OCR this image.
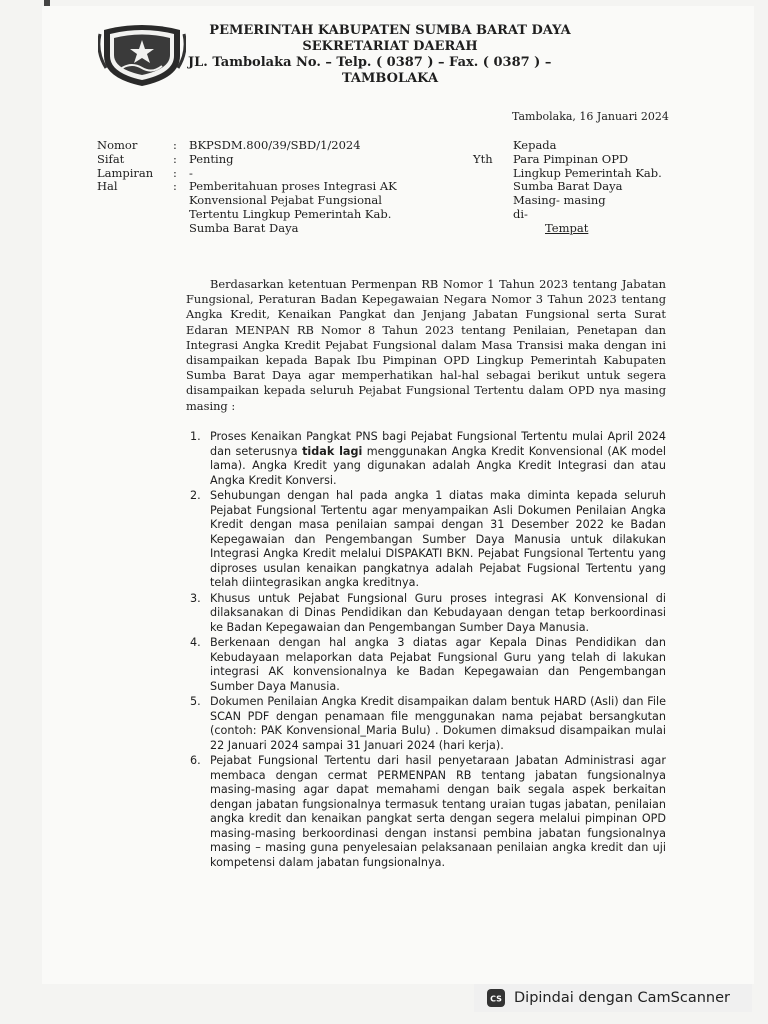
PEMERINTAH KABUPATEN SUMBA BARAT DAYA
SEKRETARIAT DAERAH
JL. Tambolaka No. – Telp. ( 0387 ) – Fax. ( 0387 ) –
TAMBOLAKA
Tambolaka, 16 Januari 2024
Nomor	:	BKPSDM.800/39/SBD/1/2024
Sifat	:	Penting
Lampiran	:	-
Hal	:	Pemberitahuan proses Integrasi AK Konvensional Pejabat Fungsional Tertentu Lingkup Pemerintah Kab. Sumba Barat Daya
Yth
Kepada
Para Pimpinan OPD
Lingkup Pemerintah Kab.
Sumba Barat Daya
Masing- masing
di-
Tempat
Berdasarkan ketentuan Permenpan RB Nomor 1 Tahun 2023 tentang Jabatan Fungsional, Peraturan Badan Kepegawaian Negara Nomor 3 Tahun 2023 tentang Angka Kredit, Kenaikan Pangkat dan Jenjang Jabatan Fungsional serta Surat Edaran MENPAN RB Nomor 8 Tahun 2023 tentang Penilaian, Penetapan dan Integrasi Angka Kredit Pejabat Fungsional dalam Masa Transisi maka dengan ini disampaikan kepada Bapak Ibu Pimpinan OPD Lingkup Pemerintah Kabupaten Sumba Barat Daya agar memperhatikan hal-hal sebagai berikut untuk segera disampaikan kepada seluruh Pejabat Fungsional Tertentu dalam OPD nya masing masing :
1. Proses Kenaikan Pangkat PNS bagi Pejabat Fungsional Tertentu mulai April 2024 dan seterusnya tidak lagi menggunakan Angka Kredit Konvensional (AK model lama). Angka Kredit yang digunakan adalah Angka Kredit Integrasi dan atau Angka Kredit Konversi.
2. Sehubungan dengan hal pada angka 1 diatas maka diminta kepada seluruh Pejabat Fungsional Tertentu agar menyampaikan Asli Dokumen Penilaian Angka Kredit dengan masa penilaian sampai dengan 31 Desember 2022 ke Badan Kepegawaian dan Pengembangan Sumber Daya Manusia untuk dilakukan Integrasi Angka Kredit melalui DISPAKATI BKN. Pejabat Fungsional Tertentu yang diproses usulan kenaikan pangkatnya adalah Pejabat Fugsional Tertentu yang telah diintegrasikan angka kreditnya.
3. Khusus untuk Pejabat Fungsional Guru proses integrasi AK Konvensional di dilaksanakan di Dinas Pendidikan dan Kebudayaan dengan tetap berkoordinasi ke Badan Kepegawaian dan Pengembangan Sumber Daya Manusia.
4. Berkenaan dengan hal angka 3 diatas agar Kepala Dinas Pendidikan dan Kebudayaan melaporkan data Pejabat Fungsional Guru yang telah di lakukan integrasi AK konvensionalnya ke Badan Kepegawaian dan Pengembangan Sumber Daya Manusia.
5. Dokumen Penilaian Angka Kredit disampaikan dalam bentuk HARD (Asli) dan File SCAN PDF dengan penamaan file menggunakan nama pejabat bersangkutan (contoh: PAK Konvensional_Maria Bulu) . Dokumen dimaksud disampaikan mulai 22 Januari 2024 sampai 31 Januari 2024 (hari kerja).
6. Pejabat Fungsional Tertentu dari hasil penyetaraan Jabatan Administrasi agar membaca dengan cermat PERMENPAN RB tentang jabatan fungsionalnya masing-masing agar dapat memahami dengan baik segala aspek berkaitan dengan jabatan fungsionalnya termasuk tentang uraian tugas jabatan, penilaian angka kredit dan kenaikan pangkat serta dengan segera melalui pimpinan OPD masing-masing berkoordinasi dengan instansi pembina jabatan fungsionalnya masing – masing guna penyelesaian pelaksanaan penilaian angka kredit dan uji kompetensi dalam jabatan fungsionalnya.
CS Dipindai dengan CamScanner
